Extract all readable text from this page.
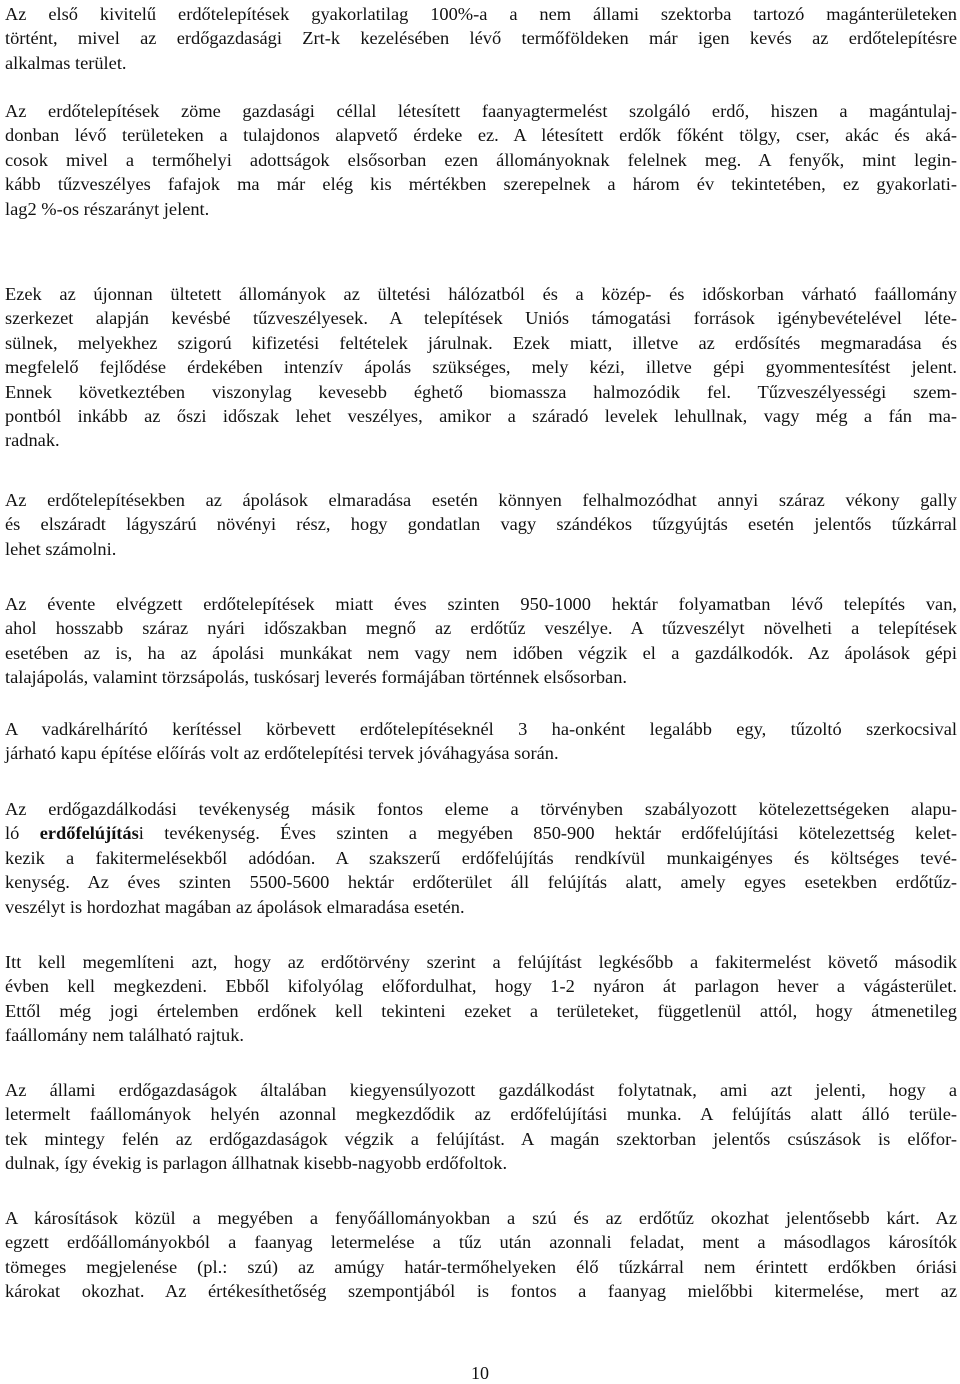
Az első kivitelű erdőtelepítések gyakorlatilag 100%-a a nem állami szektorba tartozó magánterületeken
történt, mivel az erdőgazdasági Zrt-k kezelésében lévő termőföldeken már igen kevés az erdőtelepítésre
alkalmas terület.
Az erdőtelepítések zöme gazdasági céllal létesített faanyagtermelést szolgáló erdő, hiszen a magántulaj-
donban lévő területeken a tulajdonos alapvető érdeke ez. A létesített erdők főként tölgy, cser, akác és aká-
cosok mivel a termőhelyi adottságok elsősorban ezen állományoknak felelnek meg. A fenyők, mint legin-
kább tűzveszélyes fafajok ma már elég kis mértékben szerepelnek a három év tekintetében, ez gyakorlati-
lag2 %-os részarányt jelent.
Ezek az újonnan ültetett állományok az ültetési hálózatból és a közép- és időskorban várható faállomány
szerkezet alapján kevésbé tűzveszélyesek. A telepítések Uniós támogatási források igénybevételével léte-
sülnek, melyekhez szigorú kifizetési feltételek járulnak. Ezek miatt, illetve az erdősítés megmaradása és
megfelelő fejlődése érdekében intenzív ápolás szükséges, mely kézi, illetve gépi gyommentesítést jelent.
Ennek következtében viszonylag kevesebb éghető biomassza halmozódik fel. Tűzveszélyességi szem-
pontból inkább az őszi időszak lehet veszélyes, amikor a száradó levelek lehullnak, vagy még a fán ma-
radnak.
Az erdőtelepítésekben az ápolások elmaradása esetén könnyen felhalmozódhat annyi száraz vékony gally
és elszáradt lágyszárú növényi rész, hogy gondatlan vagy szándékos tűzgyújtás esetén jelentős tűzkárral
lehet számolni.
Az évente elvégzett erdőtelepítések miatt éves szinten 950-1000 hektár folyamatban lévő telepítés van,
ahol hosszabb száraz nyári időszakban megnő az erdőtűz veszélye. A tűzveszélyt növelheti a telepítések
esetében az is, ha az ápolási munkákat nem vagy nem időben végzik el a gazdálkodók. Az ápolások gépi
talajápolás, valamint törzsápolás, tuskósarj leverés formájában történnek elsősorban.
A vadkárelhárító kerítéssel körbevett erdőtelepítéseknél 3 ha-onként legalább egy, tűzoltó szerkocsival
járható kapu építése előírás volt az erdőtelepítési tervek jóváhagyása során.
Az erdőgazdálkodási tevékenység másik fontos eleme a törvényben szabályozott kötelezettségeken alapu-
ló erdőfelújítási tevékenység. Éves szinten a megyében 850-900 hektár erdőfelújítási kötelezettség kelet-
kezik a fakitermelésekből adódóan. A szakszerű erdőfelújítás rendkívül munkaigényes és költséges tevé-
kenység. Az éves szinten 5500-5600 hektár erdőterület áll felújítás alatt, amely egyes esetekben erdőtűz-
veszélyt is hordozhat magában az ápolások elmaradása esetén.
Itt kell megemlíteni azt, hogy az erdőtörvény szerint a felújítást legkésőbb a fakitermelést követő második
évben kell megkezdeni. Ebből kifolyólag előfordulhat, hogy 1-2 nyáron át parlagon hever a vágásterület.
Ettől még jogi értelemben erdőnek kell tekinteni ezeket a területeket, függetlenül attól, hogy átmenetileg
faállomány nem található rajtuk.
Az állami erdőgazdaságok általában kiegyensúlyozott gazdálkodást folytatnak, ami azt jelenti, hogy a
letermelt faállományok helyén azonnal megkezdődik az erdőfelújítási munka. A felújítás alatt álló terüle-
tek mintegy felén az erdőgazdaságok végzik a felújítást. A magán szektorban jelentős csúszások is előfor-
dulnak, így évekig is parlagon állhatnak kisebb-nagyobb erdőfoltok.
A károsítások közül a megyében a fenyőállományokban a szú és az erdőtűz okozhat jelentősebb kárt. Az
egzett erdőállományokból a faanyag letermelése a tűz után azonnali feladat, ment a másodlagos károsítók
tömeges megjelenése (pl.: szú) az amúgy határ-termőhelyeken élő tűzkárral nem érintett erdőkben óriási
károkat okozhat. Az értékesíthetőség szempontjából is fontos a faanyag mielőbbi kitermelése, mert az
10
